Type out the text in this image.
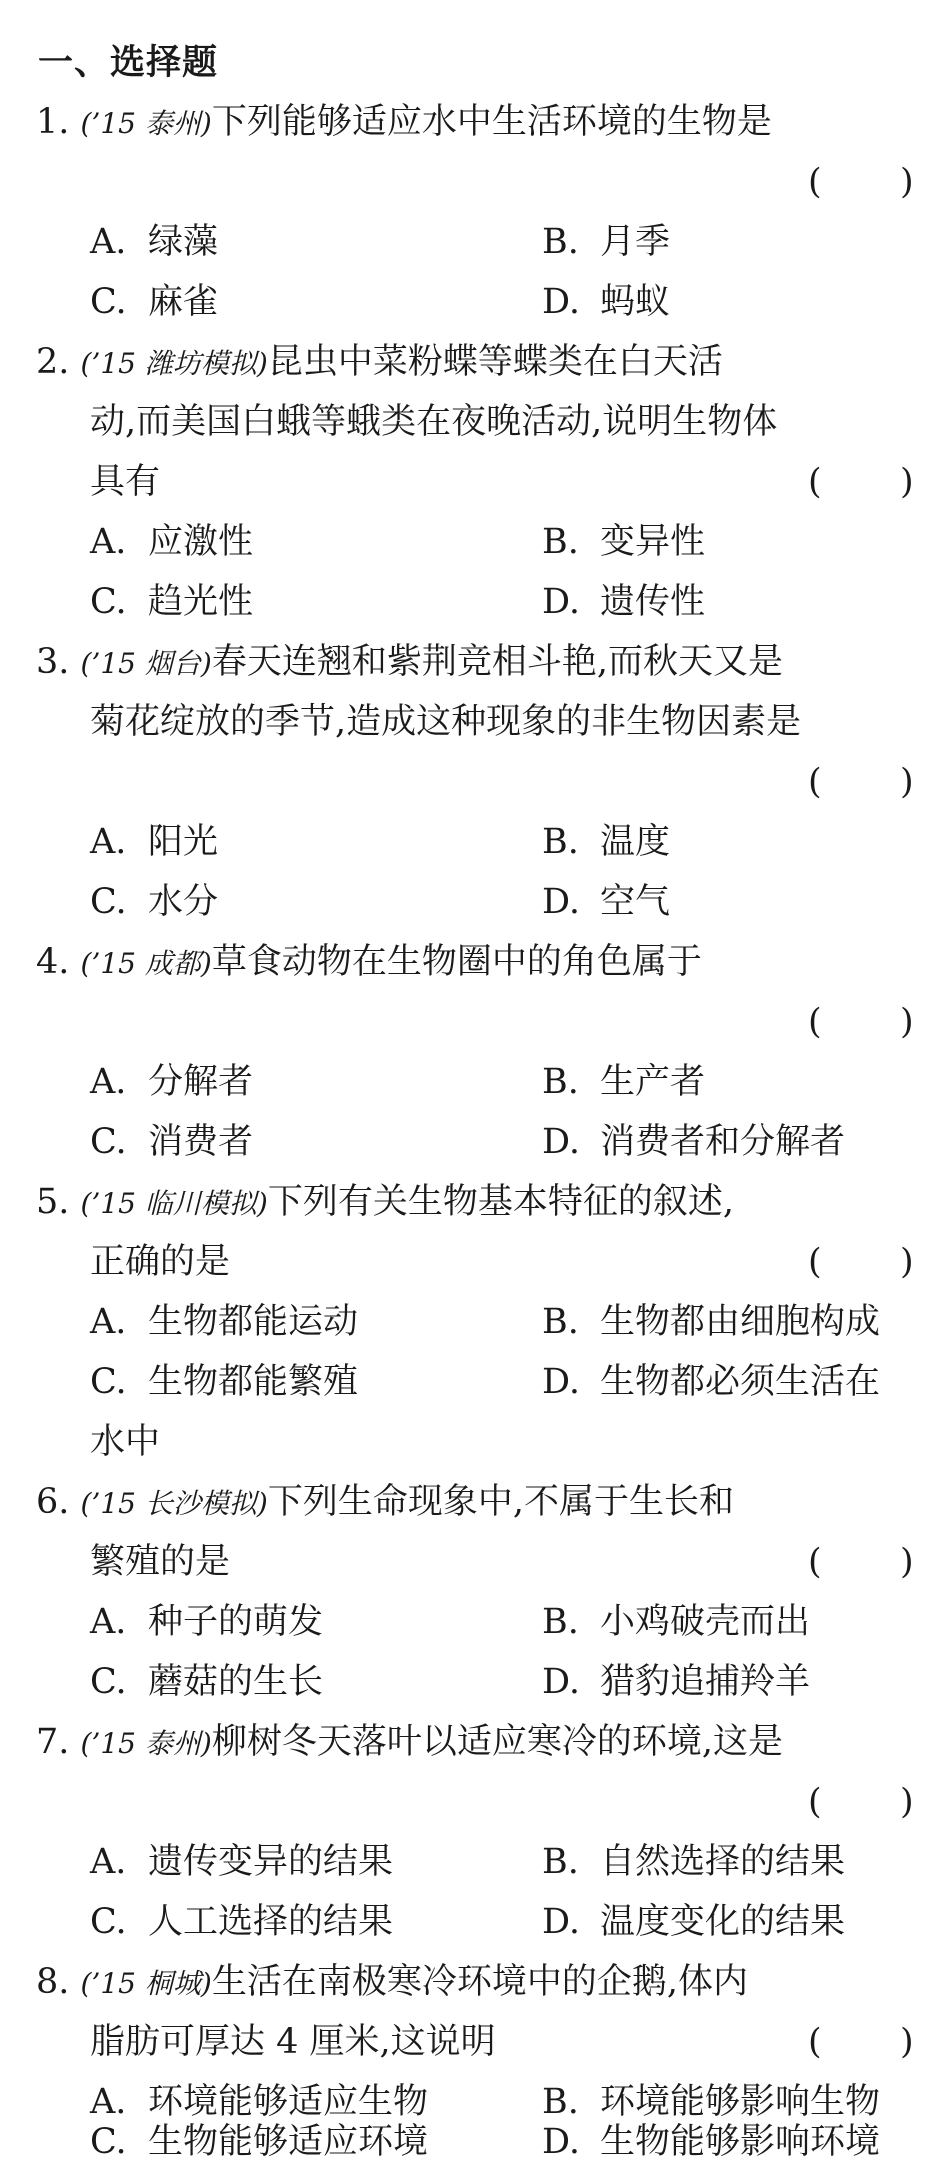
一、选择题
1. (’15 泰州)下列能够适应水中生活环境的生物是
( )
A. 绿藻	B. 月季
C. 麻雀	D. 蚂蚁
2. (’15 潍坊模拟)昆虫中菜粉蝶等蝶类在白天活
动,而美国白蛾等蛾类在夜晚活动,说明生物体
具有	( )
A. 应激性	B. 变异性
C. 趋光性	D. 遗传性
3. (’15 烟台)春天连翘和紫荆竞相斗艳,而秋天又是
菊花绽放的季节,造成这种现象的非生物因素是
( )
A. 阳光	B. 温度
C. 水分	D. 空气
4. (’15 成都)草食动物在生物圈中的角色属于
( )
A. 分解者	B. 生产者
C. 消费者	D. 消费者和分解者
5. (’15 临川模拟)下列有关生物基本特征的叙述,
正确的是	( )
A. 生物都能运动	B. 生物都由细胞构成
C. 生物都能繁殖	D. 生物都必须生活在
水中
6. (’15 长沙模拟)下列生命现象中,不属于生长和
繁殖的是	( )
A. 种子的萌发	B. 小鸡破壳而出
C. 蘑菇的生长	D. 猎豹追捕羚羊
7. (’15 泰州)柳树冬天落叶以适应寒冷的环境,这是
( )
A. 遗传变异的结果	B. 自然选择的结果
C. 人工选择的结果	D. 温度变化的结果
8. (’15 桐城)生活在南极寒冷环境中的企鹅,体内
脂肪可厚达 4 厘米,这说明	( )
A. 环境能够适应生物	B. 环境能够影响生物
C. 生物能够适应环境	D. 生物能够影响环境
